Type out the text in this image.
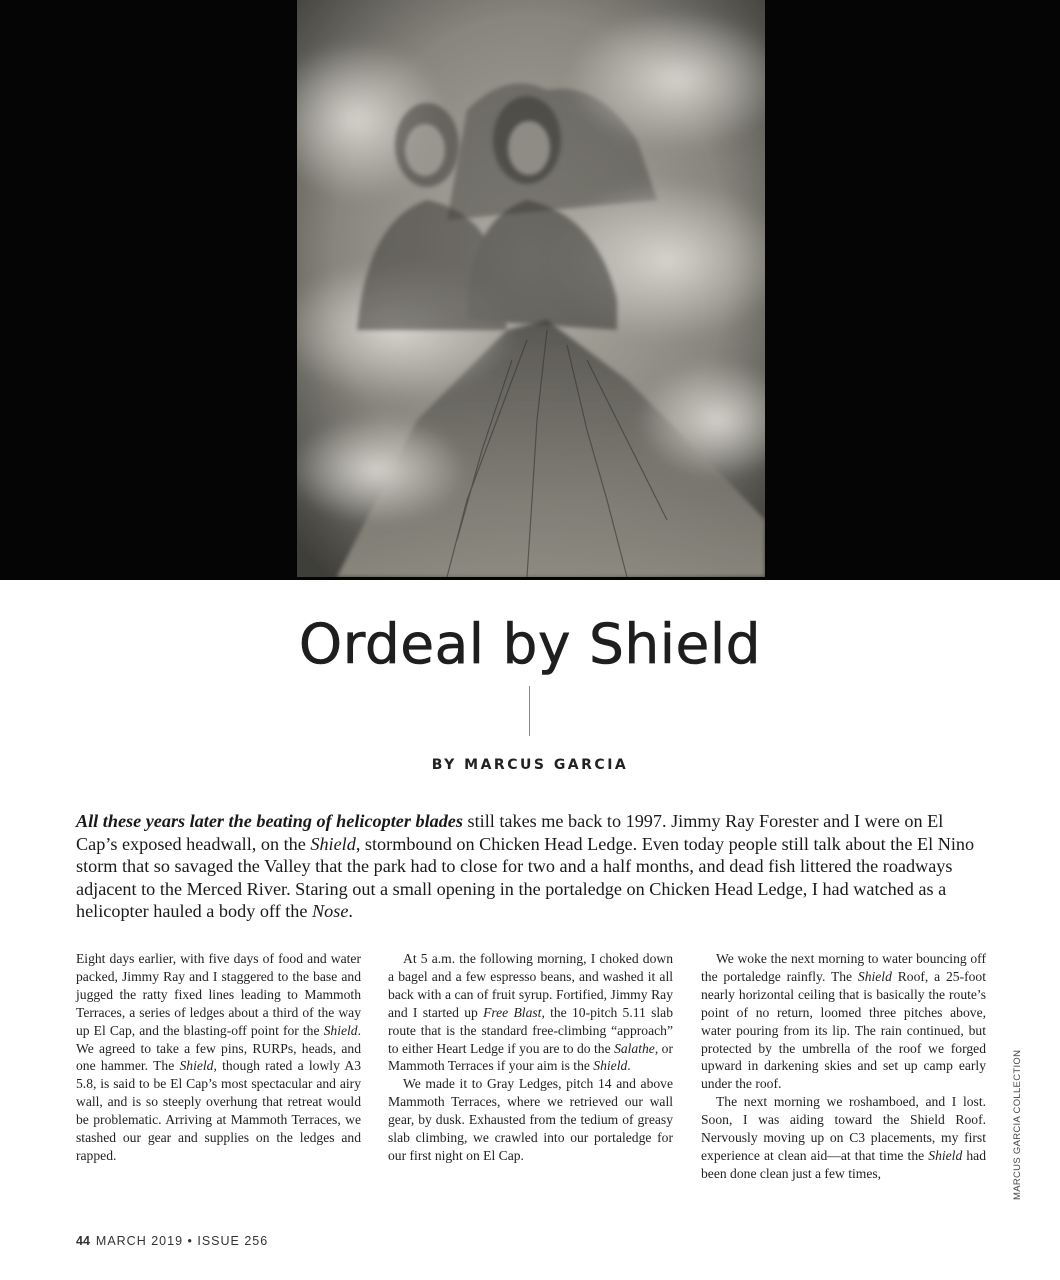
Ordeal by Shield
BY MARCUS GARCIA

All these years later the beating of helicopter blades still takes me back to 1997. Jimmy Ray Forester and I were on El Cap’s exposed headwall, on the Shield, stormbound on Chicken Head Ledge. Even today people still talk about the El Nino storm that so savaged the Valley that the park had to close for two and a half months, and dead fish littered the roadways adjacent to the Merced River. Staring out a small opening in the portaledge on Chicken Head Ledge, I had watched as a helicopter hauled a body off the Nose.

Eight days earlier, with five days of food and water packed, Jimmy Ray and I staggered to the base and jugged the ratty fixed lines leading to Mammoth Terraces, a series of ledges about a third of the way up El Cap, and the blasting-off point for the Shield. We agreed to take a few pins, RURPs, heads, and one hammer. The Shield, though rated a lowly A3 5.8, is said to be El Cap’s most spectacular and airy wall, and is so steeply overhung that retreat would be problematic. Arriving at Mammoth Terraces, we stashed our gear and supplies on the ledges and rapped.

At 5 a.m. the following morning, I choked down a bagel and a few espresso beans, and washed it all back with a can of fruit syrup. Fortified, Jimmy Ray and I started up Free Blast, the 10-pitch 5.11 slab route that is the standard free-climbing “approach” to either Heart Ledge if you are to do the Salathe, or Mammoth Terraces if your aim is the Shield.

We made it to Gray Ledges, pitch 14 and above Mammoth Terraces, where we retrieved our wall gear, by dusk. Exhausted from the tedium of greasy slab climbing, we crawled into our portaledge for our first night on El Cap.

We woke the next morning to water bouncing off the portaledge rainfly. The Shield Roof, a 25-foot nearly horizontal ceiling that is basically the route’s point of no return, loomed three pitches above, water pouring from its lip. The rain continued, but protected by the umbrella of the roof we forged upward in darkening skies and set up camp early under the roof.

The next morning we roshamboed, and I lost. Soon, I was aiding toward the Shield Roof. Nervously moving up on C3 placements, my first experience at clean aid—at that time the Shield had been done clean just a few times,	MARCUS GARCIA COLLECTION
44 MARCH 2019 • ISSUE 256
